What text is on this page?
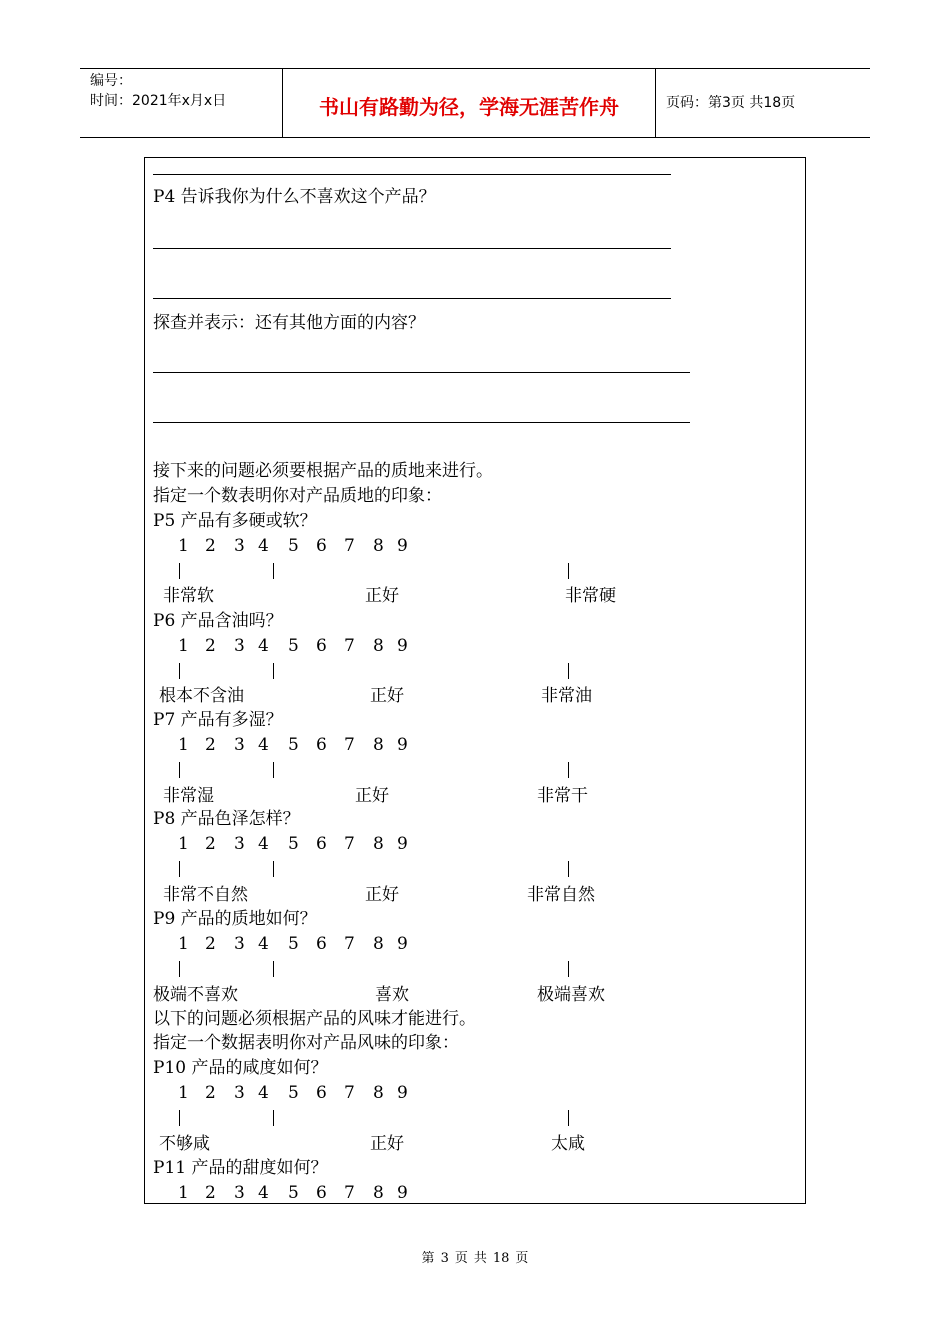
编号：
时间：2021年x月x日	书山有路勤为径，学海无涯苦作舟	页码：第3页 共18页
P4 告诉我你为什么不喜欢这个产品？
探查并表示：还有其他方面的内容？
接下来的问题必须要根据产品的质地来进行。
指定一个数表明你对产品质地的印象：
P5 产品有多硬或软？
非常软	正好	非常硬
P6 产品含油吗？
根本不含油	正好	非常油
P7 产品有多湿？
非常湿	正好	非常干
P8 产品色泽怎样？
非常不自然	正好	非常自然
P9 产品的质地如何？
极端不喜欢	喜欢	极端喜欢
以下的问题必须根据产品的风味才能进行。
指定一个数据表明你对产品风味的印象：
P10 产品的咸度如何？
不够咸	正好	太咸
P11 产品的甜度如何？
1 2 3 4 5 6 7 8 9
1 2 3 4 5 6 7 8 9
1 2 3 4 5 6 7 8 9
1 2 3 4 5 6 7 8 9
1 2 3 4 5 6 7 8 9
1 2 3 4 5 6 7 8 9
1 2 3 4 5 6 7 8 9
第 3 页 共 18 页
